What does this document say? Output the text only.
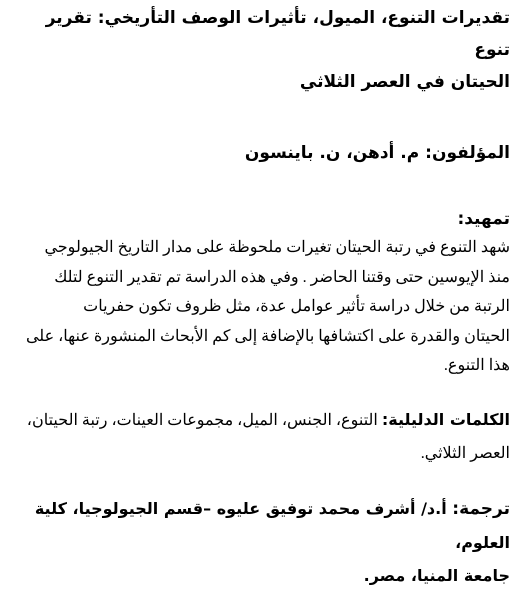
تقديرات التنوع، الميول، تأثيرات الوصف التأريخي: تقرير تنوع
الحيتان في العصر الثلاثي
المؤلفون: م. أدهن، ن. باينسون
تمهيد:
شهد التنوع في رتبة الحيتان تغيرات ملحوظة على مدار التاريخ الجيولوجي
منذ الإيوسين حتى وقتنا الحاضر . وفي هذه الدراسة تم تقدير التنوع لتلك
الرتبة من خلال دراسة تأثير عوامل عدة، مثل ظروف تكون حفريات
الحيتان والقدرة على اكتشافها بالإضافة إلى كم الأبحاث المنشورة عنها، على
هذا التنوع.
الكلمات الدليلية: التنوع، الجنس، الميل، مجموعات العينات، رتبة الحيتان،
العصر الثلاثي.
ترجمة: أ.د/ أشرف محمد توفيق عليوه –قسم الجيولوجيا، كلية العلوم،
جامعة المنيا، مصر.
